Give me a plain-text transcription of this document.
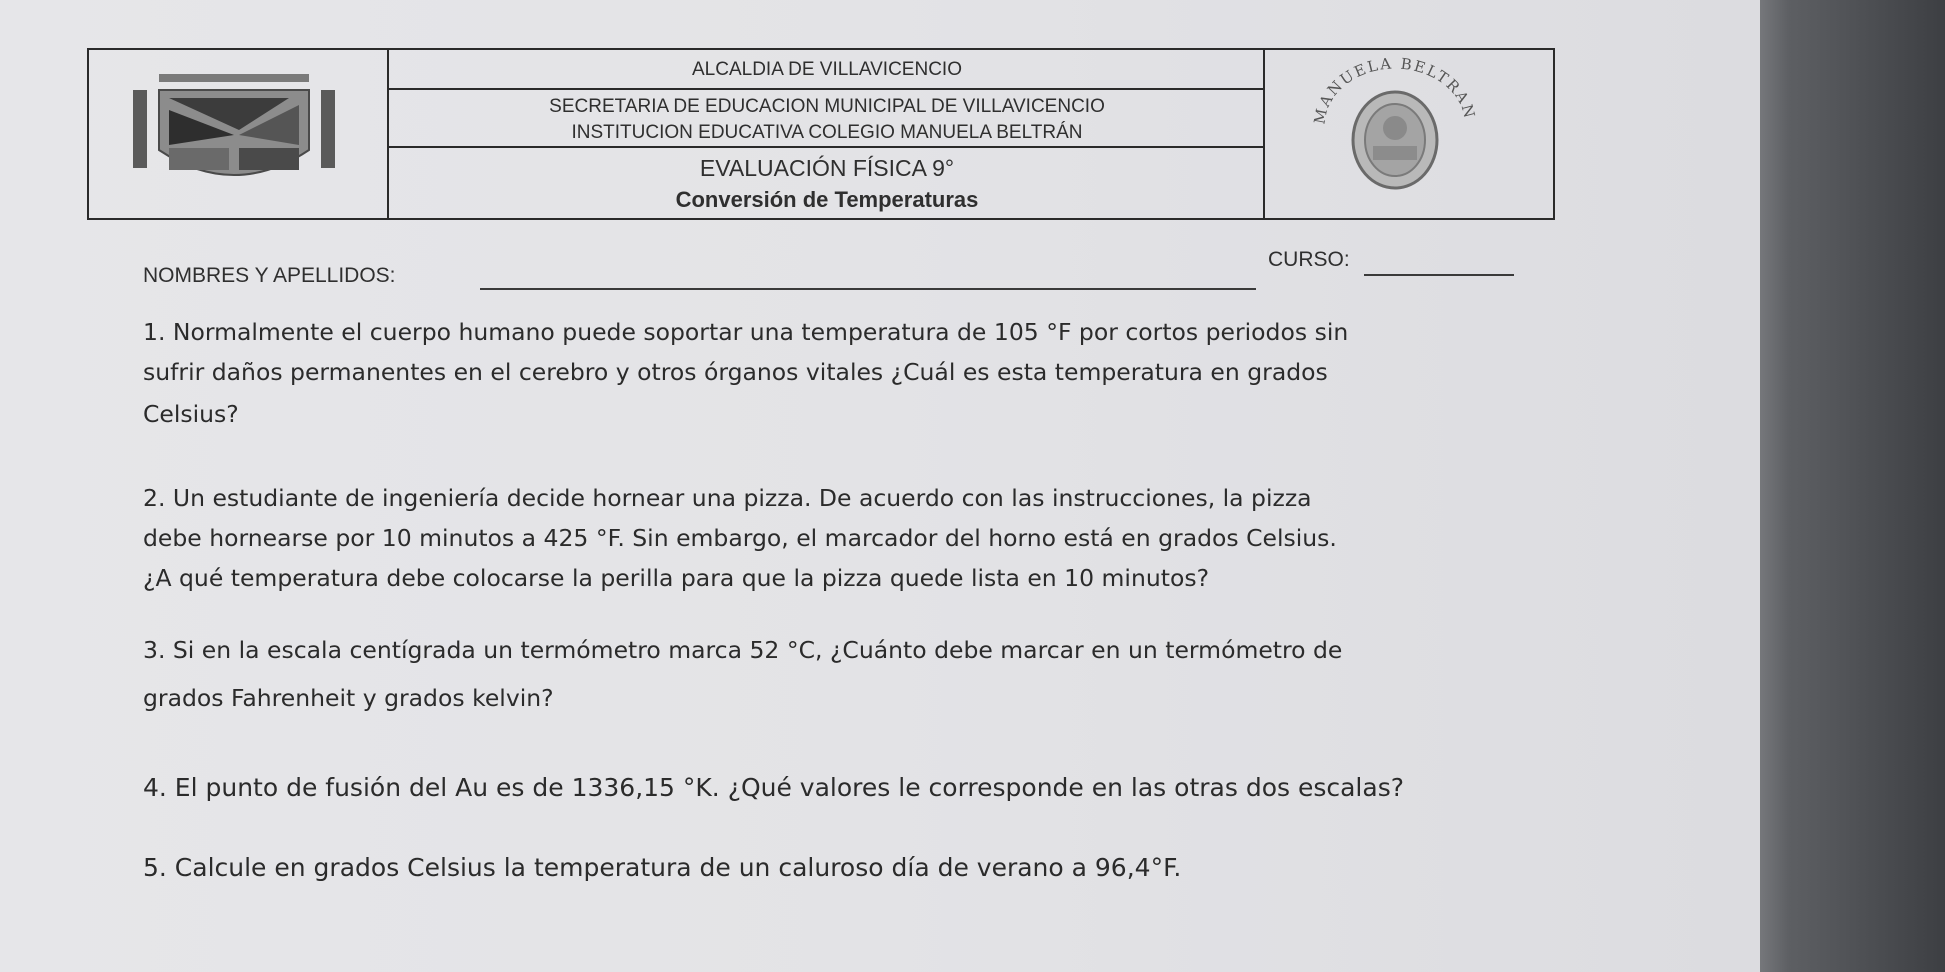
ALCALDIA DE VILLAVICENCIO
SECRETARIA DE EDUCACION MUNICIPAL DE VILLAVICENCIO
INSTITUCION EDUCATIVA COLEGIO MANUELA BELTRÁN
EVALUACIÓN FÍSICA 9°
Conversión de Temperaturas
MANUELA BELTRAN
NOMBRES Y APELLIDOS:
CURSO:
1. Normalmente el cuerpo humano puede soportar una temperatura de 105 °F por cortos periodos sin
sufrir daños permanentes en el cerebro y otros órganos vitales ¿Cuál es esta temperatura en grados
Celsius?
2. Un estudiante de ingeniería decide hornear una pizza. De acuerdo con las instrucciones, la pizza
debe hornearse por 10 minutos a 425 °F. Sin embargo, el marcador del horno está en grados Celsius.
¿A qué temperatura debe colocarse la perilla para que la pizza quede lista en 10 minutos?
3. Si en la escala centígrada un termómetro marca 52 °C, ¿Cuánto debe marcar en un termómetro de
grados Fahrenheit y grados kelvin?
4. El punto de fusión del Au es de 1336,15 °K. ¿Qué valores le corresponde en las otras dos escalas?
5. Calcule en grados Celsius la temperatura de un caluroso día de verano a 96,4°F.
